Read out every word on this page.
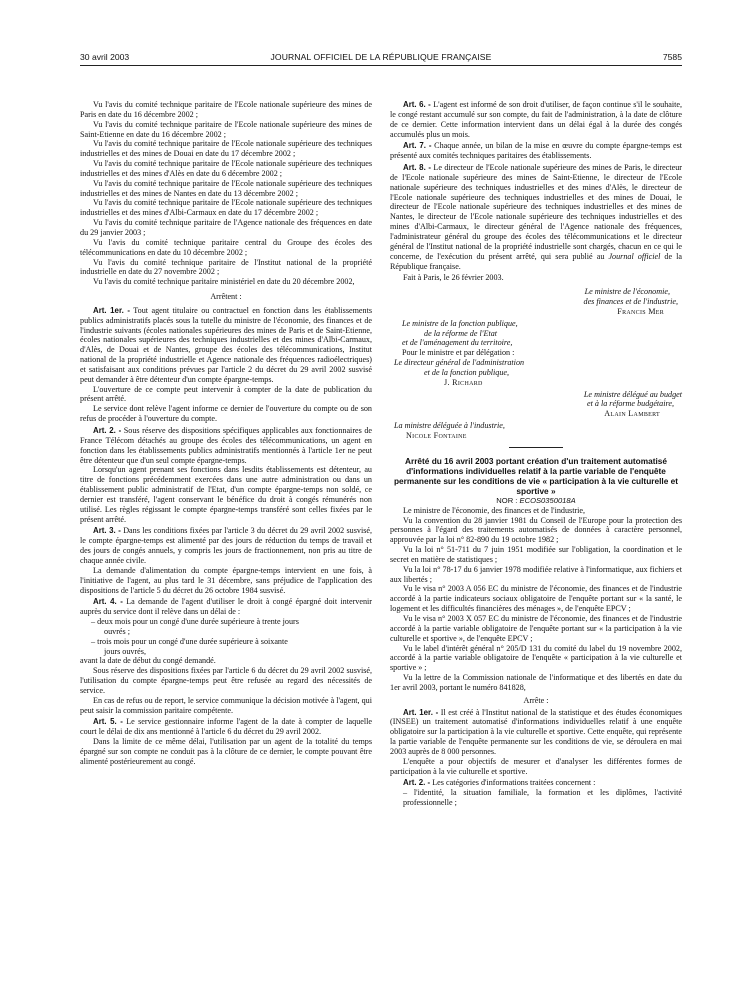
30 avril 2003	JOURNAL OFFICIEL DE LA RÉPUBLIQUE FRANÇAISE	7585

Vu l'avis du comité technique paritaire de l'Ecole nationale supérieure des mines de Paris en date du 16 décembre 2002 ;

Vu l'avis du comité technique paritaire de l'Ecole nationale supérieure des mines de Saint-Etienne en date du 16 décembre 2002 ;

Vu l'avis du comité technique paritaire de l'Ecole nationale supérieure des techniques industrielles et des mines de Douai en date du 17 décembre 2002 ;

Vu l'avis du comité technique paritaire de l'Ecole nationale supérieure des techniques industrielles et des mines d'Alès en date du 6 décembre 2002 ;

Vu l'avis du comité technique paritaire de l'Ecole nationale supérieure des techniques industrielles et des mines de Nantes en date du 13 décembre 2002 ;

Vu l'avis du comité technique paritaire de l'Ecole nationale supérieure des techniques industrielles et des mines d'Albi-Carmaux en date du 17 décembre 2002 ;

Vu l'avis du comité technique paritaire de l'Agence nationale des fréquences en date du 29 janvier 2003 ;

Vu l'avis du comité technique paritaire central du Groupe des écoles des télécommunications en date du 10 décembre 2002 ;

Vu l'avis du comité technique paritaire de l'Institut national de la propriété industrielle en date du 27 novembre 2002 ;

Vu l'avis du comité technique paritaire ministériel en date du 20 décembre 2002,

Arrêtent :

Art. 1er. - Tout agent titulaire ou contractuel en fonction dans les établissements publics administratifs placés sous la tutelle du ministre de l'économie, des finances et de l'industrie suivants (écoles nationales supérieures des mines de Paris et de Saint-Etienne, écoles nationales supérieures des techniques industrielles et des mines d'Albi-Carmaux, d'Alès, de Douai et de Nantes, groupe des écoles des télécommunications, Institut national de la propriété industrielle et Agence nationale des fréquences radioélectriques) et satisfaisant aux conditions prévues par l'article 2 du décret du 29 avril 2002 susvisé peut demander à être détenteur d'un compte épargne-temps.

L'ouverture de ce compte peut intervenir à compter de la date de publication du présent arrêté.

Le service dont relève l'agent informe ce dernier de l'ouverture du compte ou de son refus de procéder à l'ouverture du compte.

Art. 2. - Sous réserve des dispositions spécifiques applicables aux fonctionnaires de France Télécom détachés au groupe des écoles des télécommunications, un agent en fonction dans les établissements publics administratifs mentionnés à l'article 1er ne peut être détenteur que d'un seul compte épargne-temps.

Lorsqu'un agent prenant ses fonctions dans lesdits établissements est détenteur, au titre de fonctions précédemment exercées dans une autre administration ou dans un établissement public administratif de l'Etat, d'un compte épargne-temps non soldé, ce dernier est transféré, l'agent conservant le bénéfice du droit à congés rémunérés non utilisé. Les règles régissant le compte épargne-temps transféré sont celles fixées par le présent arrêté.

Art. 3. - Dans les conditions fixées par l'article 3 du décret du 29 avril 2002 susvisé, le compte épargne-temps est alimenté par des jours de réduction du temps de travail et des jours de congés annuels, y compris les jours de fractionnement, non pris au titre de chaque année civile.

La demande d'alimentation du compte épargne-temps intervient en une fois, à l'initiative de l'agent, au plus tard le 31 décembre, sans préjudice de l'application des dispositions de l'article 5 du décret du 26 octobre 1984 susvisé.

Art. 4. - La demande de l'agent d'utiliser le droit à congé épargné doit intervenir auprès du service dont il relève dans un délai de :

– deux mois pour un congé d'une durée supérieure à trente jours

ouvrés ;

– trois mois pour un congé d'une durée supérieure à soixante

jours ouvrés,

avant la date de début du congé demandé.

Sous réserve des dispositions fixées par l'article 6 du décret du 29 avril 2002 susvisé, l'utilisation du compte épargne-temps peut être refusée au regard des nécessités de service.

En cas de refus ou de report, le service communique la décision motivée à l'agent, qui peut saisir la commission paritaire compétente.

Art. 5. - Le service gestionnaire informe l'agent de la date à compter de laquelle court le délai de dix ans mentionné à l'article 6 du décret du 29 avril 2002.

Dans la limite de ce même délai, l'utilisation par un agent de la totalité du temps épargné sur son compte ne conduit pas à la clôture de ce dernier, le compte pouvant être alimenté postérieurement au congé.

Art. 6. - L'agent est informé de son droit d'utiliser, de façon continue s'il le souhaite, le congé restant accumulé sur son compte, du fait de l'administration, à la date de clôture de ce dernier. Cette information intervient dans un délai égal à la durée des congés accumulés plus un mois.

Art. 7. - Chaque année, un bilan de la mise en œuvre du compte épargne-temps est présenté aux comités techniques paritaires des établissements.

Art. 8. - Le directeur de l'Ecole nationale supérieure des mines de Paris, le directeur de l'Ecole nationale supérieure des mines de Saint-Etienne, le directeur de l'Ecole nationale supérieure des techniques industrielles et des mines d'Alès, le directeur de l'Ecole nationale supérieure des techniques industrielles et des mines de Douai, le directeur de l'Ecole nationale supérieure des techniques industrielles et des mines de Nantes, le directeur de l'Ecole nationale supérieure des techniques industrielles et des mines d'Albi-Carmaux, le directeur général de l'Agence nationale des fréquences, l'administrateur général du groupe des écoles des télécommunications et le directeur général de l'Institut national de la propriété industrielle sont chargés, chacun en ce qui le concerne, de l'exécution du présent arrêté, qui sera publié au Journal officiel de la République française.

Fait à Paris, le 26 février 2003.

Le ministre de l'économie,

des finances et de l'industrie,

Francis Mer

Le ministre de la fonction publique,

de la réforme de l'Etat

et de l'aménagement du territoire,

Pour le ministre et par délégation :

Le directeur général de l'administration

et de la fonction publique,

J. Richard

Le ministre délégué au budget

et à la réforme budgétaire,

Alain Lambert

La ministre déléguée à l'industrie,

Nicole Fontaine

Arrêté du 16 avril 2003 portant création d'un traitement automatisé d'informations individuelles relatif à la partie variable de l'enquête permanente sur les conditions de vie « participation à la vie culturelle et sportive »

NOR : ECOS0350018A

Le ministre de l'économie, des finances et de l'industrie,

Vu la convention du 28 janvier 1981 du Conseil de l'Europe pour la protection des personnes à l'égard des traitements automatisés de données à caractère personnel, approuvée par la loi n° 82-890 du 19 octobre 1982 ;

Vu la loi n° 51-711 du 7 juin 1951 modifiée sur l'obligation, la coordination et le secret en matière de statistiques ;

Vu la loi n° 78-17 du 6 janvier 1978 modifiée relative à l'informatique, aux fichiers et aux libertés ;

Vu le visa n° 2003 A 056 EC du ministre de l'économie, des finances et de l'industrie accordé à la partie indicateurs sociaux obligatoire de l'enquête portant sur « la santé, le logement et les difficultés financières des ménages », de l'enquête EPCV ;

Vu le visa n° 2003 X 057 EC du ministre de l'économie, des finances et de l'industrie accordé à la partie variable obligatoire de l'enquête portant sur « la participation à la vie culturelle et sportive », de l'enquête EPCV ;

Vu le label d'intérêt général n° 205/D 131 du comité du label du 19 novembre 2002, accordé à la partie variable obligatoire de l'enquête « participation à la vie culturelle et sportive » ;

Vu la lettre de la Commission nationale de l'informatique et des libertés en date du 1er avril 2003, portant le numéro 841828,

Arrête :

Art. 1er. - Il est créé à l'Institut national de la statistique et des études économiques (INSEE) un traitement automatisé d'informations individuelles relatif à une enquête obligatoire sur la participation à la vie culturelle et sportive. Cette enquête, qui représente la partie variable de l'enquête permanente sur les conditions de vie, se déroulera en mai 2003 auprès de 8 000 personnes.

L'enquête a pour objectifs de mesurer et d'analyser les différentes formes de participation à la vie culturelle et sportive.

Art. 2. - Les catégories d'informations traitées concernent :

– l'identité, la situation familiale, la formation et les diplômes, l'activité professionnelle ;
